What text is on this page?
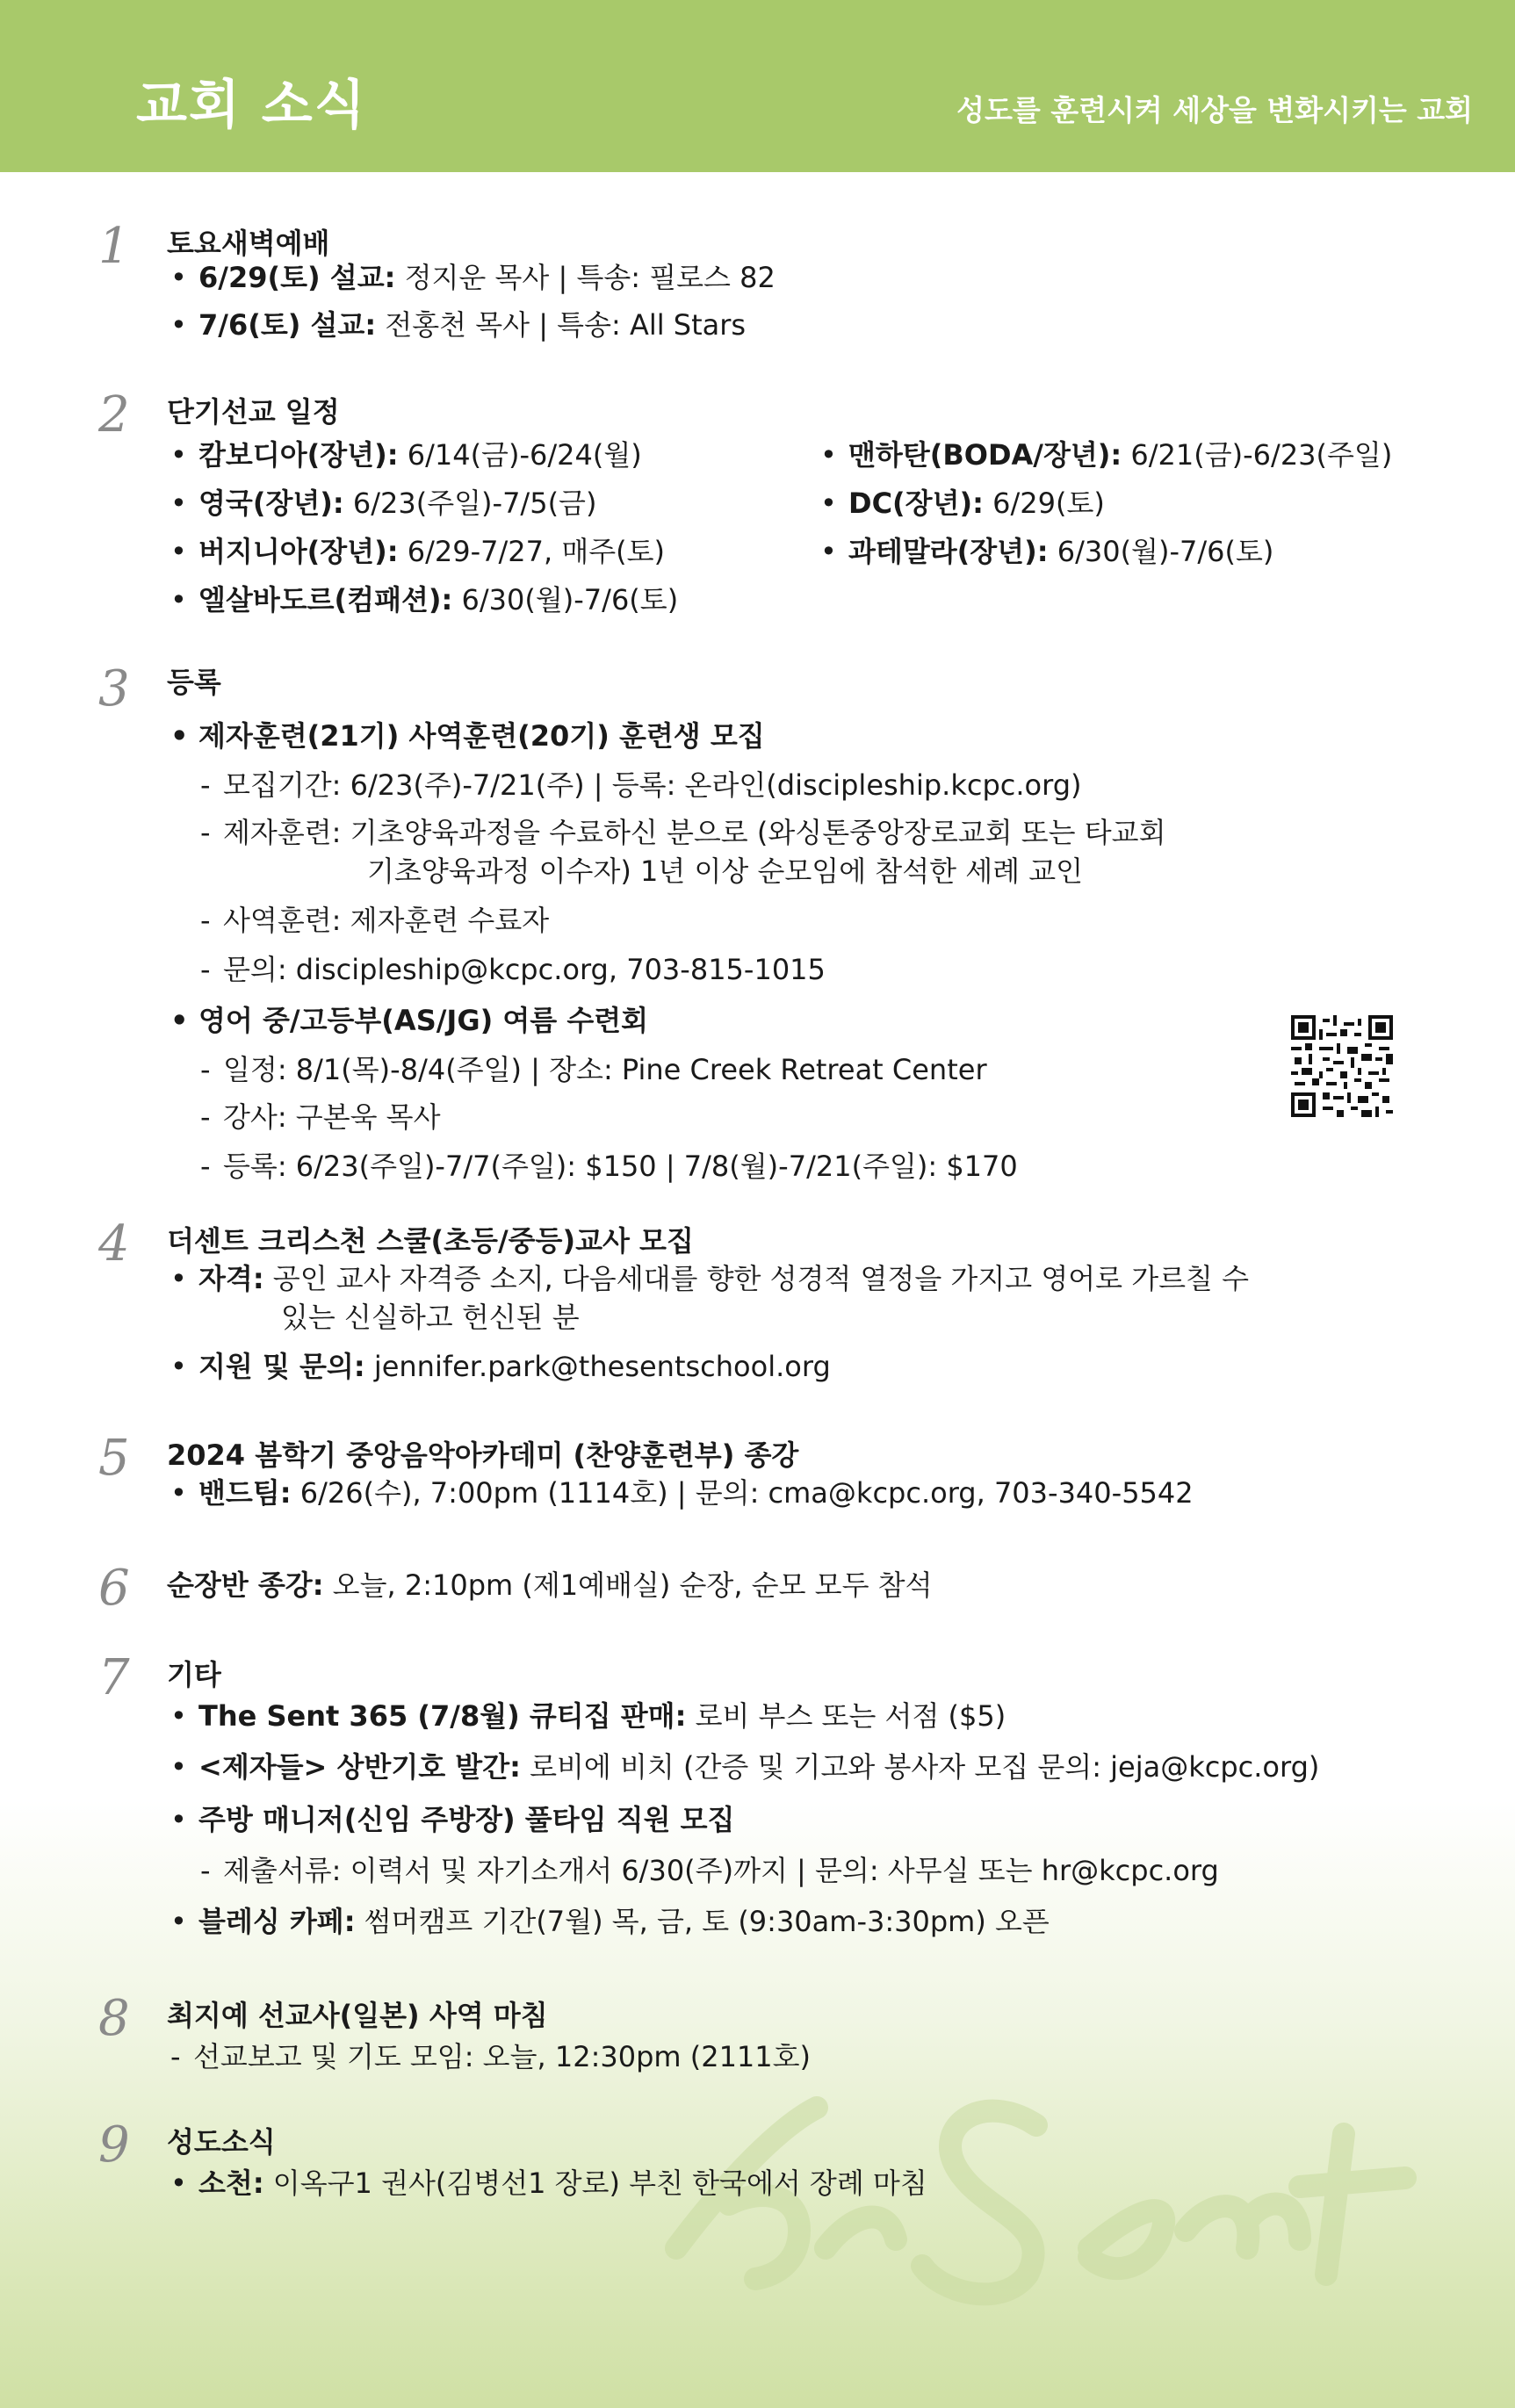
교회 소식	성도를 훈련시켜 세상을 변화시키는 교회
1 토요새벽예배
• 6/29(토) 설교: 정지운 목사 | 특송: 필로스 82
• 7/6(토) 설교: 전홍천 목사 | 특송: All Stars
2 단기선교 일정
• 캄보디아(장년): 6/14(금)-6/24(월)
• 영국(장년): 6/23(주일)-7/5(금)
• 버지니아(장년): 6/29-7/27, 매주(토)
• 엘살바도르(컴패션): 6/30(월)-7/6(토)
• 맨하탄(BODA/장년): 6/21(금)-6/23(주일)
• DC(장년): 6/29(토)
• 과테말라(장년): 6/30(월)-7/6(토)
3 등록
• 제자훈련(21기) 사역훈련(20기) 훈련생 모집
- 모집기간: 6/23(주)-7/21(주) | 등록: 온라인(discipleship.kcpc.org)
- 제자훈련: 기초양육과정을 수료하신 분으로 (와싱톤중앙장로교회 또는 타교회
기초양육과정 이수자) 1년 이상 순모임에 참석한 세례 교인
- 사역훈련: 제자훈련 수료자
- 문의: discipleship@kcpc.org, 703-815-1015
• 영어 중/고등부(AS/JG) 여름 수련회
- 일정: 8/1(목)-8/4(주일) | 장소: Pine Creek Retreat Center
- 강사: 구본욱 목사
- 등록: 6/23(주일)-7/7(주일): $150 | 7/8(월)-7/21(주일): $170
4 더센트 크리스천 스쿨(초등/중등)교사 모집
• 자격: 공인 교사 자격증 소지, 다음세대를 향한 성경적 열정을 가지고 영어로 가르칠 수
있는 신실하고 헌신된 분
• 지원 및 문의: jennifer.park@thesentschool.org
5 2024 봄학기 중앙음악아카데미 (찬양훈련부) 종강
• 밴드팀: 6/26(수), 7:00pm (1114호) | 문의: cma@kcpc.org, 703-340-5542
6 순장반 종강: 오늘, 2:10pm (제1예배실) 순장, 순모 모두 참석
7 기타
• The Sent 365 (7/8월) 큐티집 판매: 로비 부스 또는 서점 ($5)
• <제자들> 상반기호 발간: 로비에 비치 (간증 및 기고와 봉사자 모집 문의: jeja@kcpc.org)
• 주방 매니저(신임 주방장) 풀타임 직원 모집
- 제출서류: 이력서 및 자기소개서 6/30(주)까지 | 문의: 사무실 또는 hr@kcpc.org
• 블레싱 카페: 썸머캠프 기간(7월) 목, 금, 토 (9:30am-3:30pm) 오픈
8 최지예 선교사(일본) 사역 마침
- 선교보고 및 기도 모임: 오늘, 12:30pm (2111호)
9 성도소식
• 소천: 이옥구1 권사(김병선1 장로) 부친 한국에서 장례 마침
